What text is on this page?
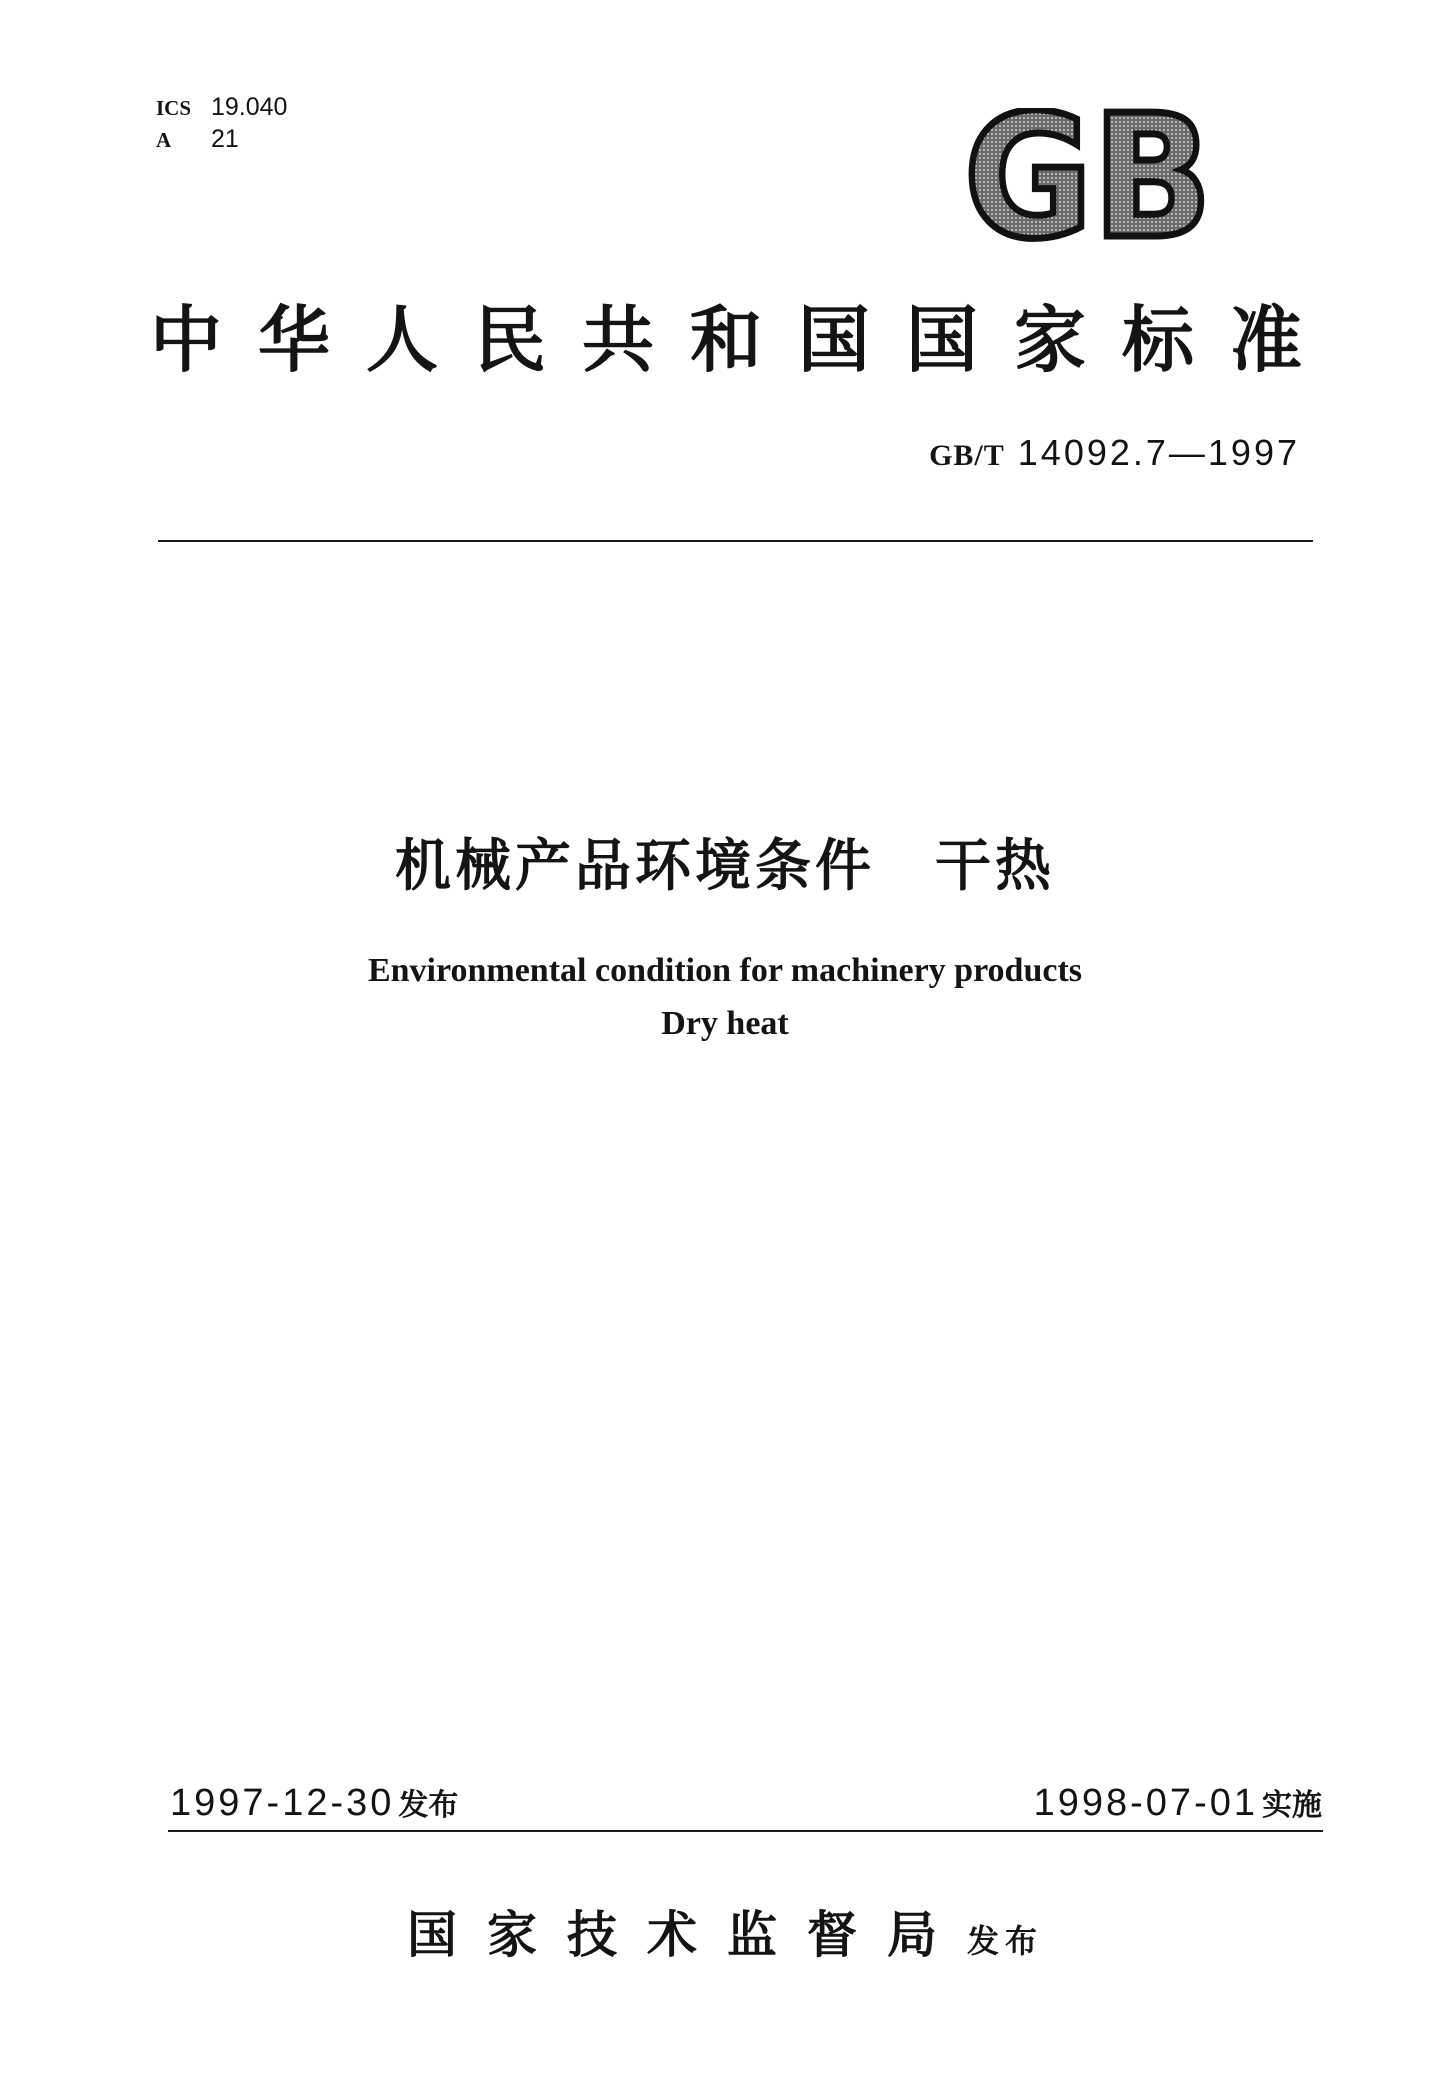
ICS 19.040
A 21	GB
中华人民共和国国家标准
GB/T 14092.7—1997
机械产品环境条件　干热
Environmental condition for machinery products
Dry heat
1997-12-30 发布	1998-07-01 实施
国家技术监督局发布
